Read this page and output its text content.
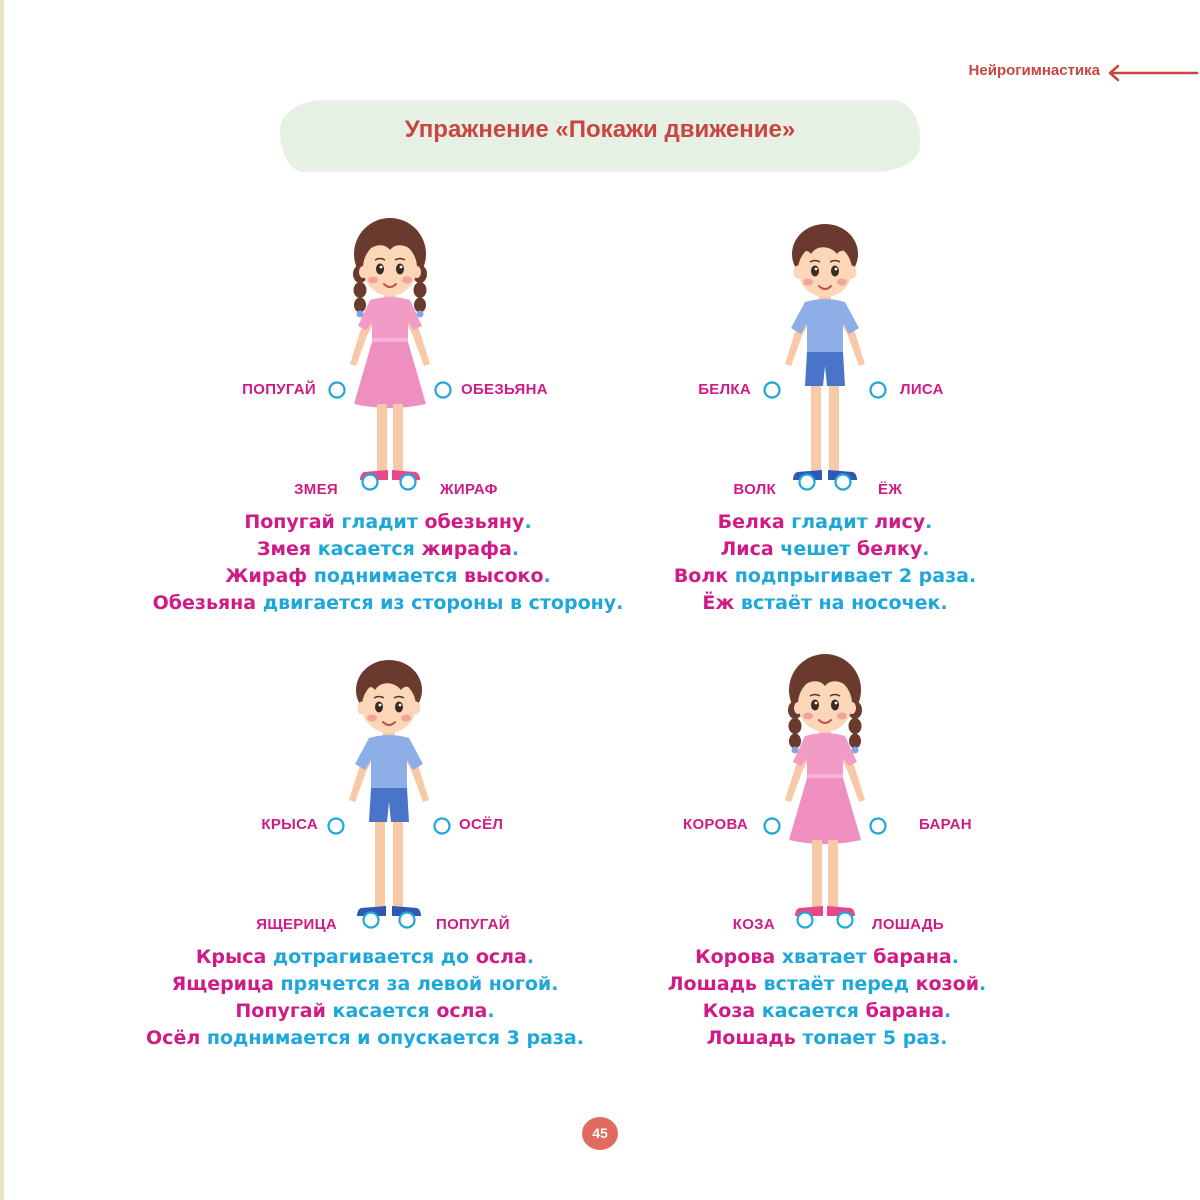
Нейрогимнастика
Упражнение «Покажи движение»
ПОПУГАЙ	ОБЕЗЬЯНА
ЗМЕЯ	ЖИРАФ
Попугай гладит обезьяну.
Змея касается жирафа.
Жираф поднимается высоко.
Обезьяна двигается из стороны в сторону.
БЕЛКА	ЛИСА
ВОЛК	ЁЖ
Белка гладит лису.
Лиса чешет белку.
Волк подпрыгивает 2 раза.
Ёж встаёт на носочек.
КРЫСА	ОСЁЛ
ЯЩЕРИЦА	ПОПУГАЙ
Крыса дотрагивается до осла.
Ящерица прячется за левой ногой.
Попугай касается осла.
Осёл поднимается и опускается 3 раза.
КОРОВА	БАРАН
КОЗА	ЛОШАДЬ
Корова хватает барана.
Лошадь встаёт перед козой.
Коза касается барана.
Лошадь топает 5 раз.
45
